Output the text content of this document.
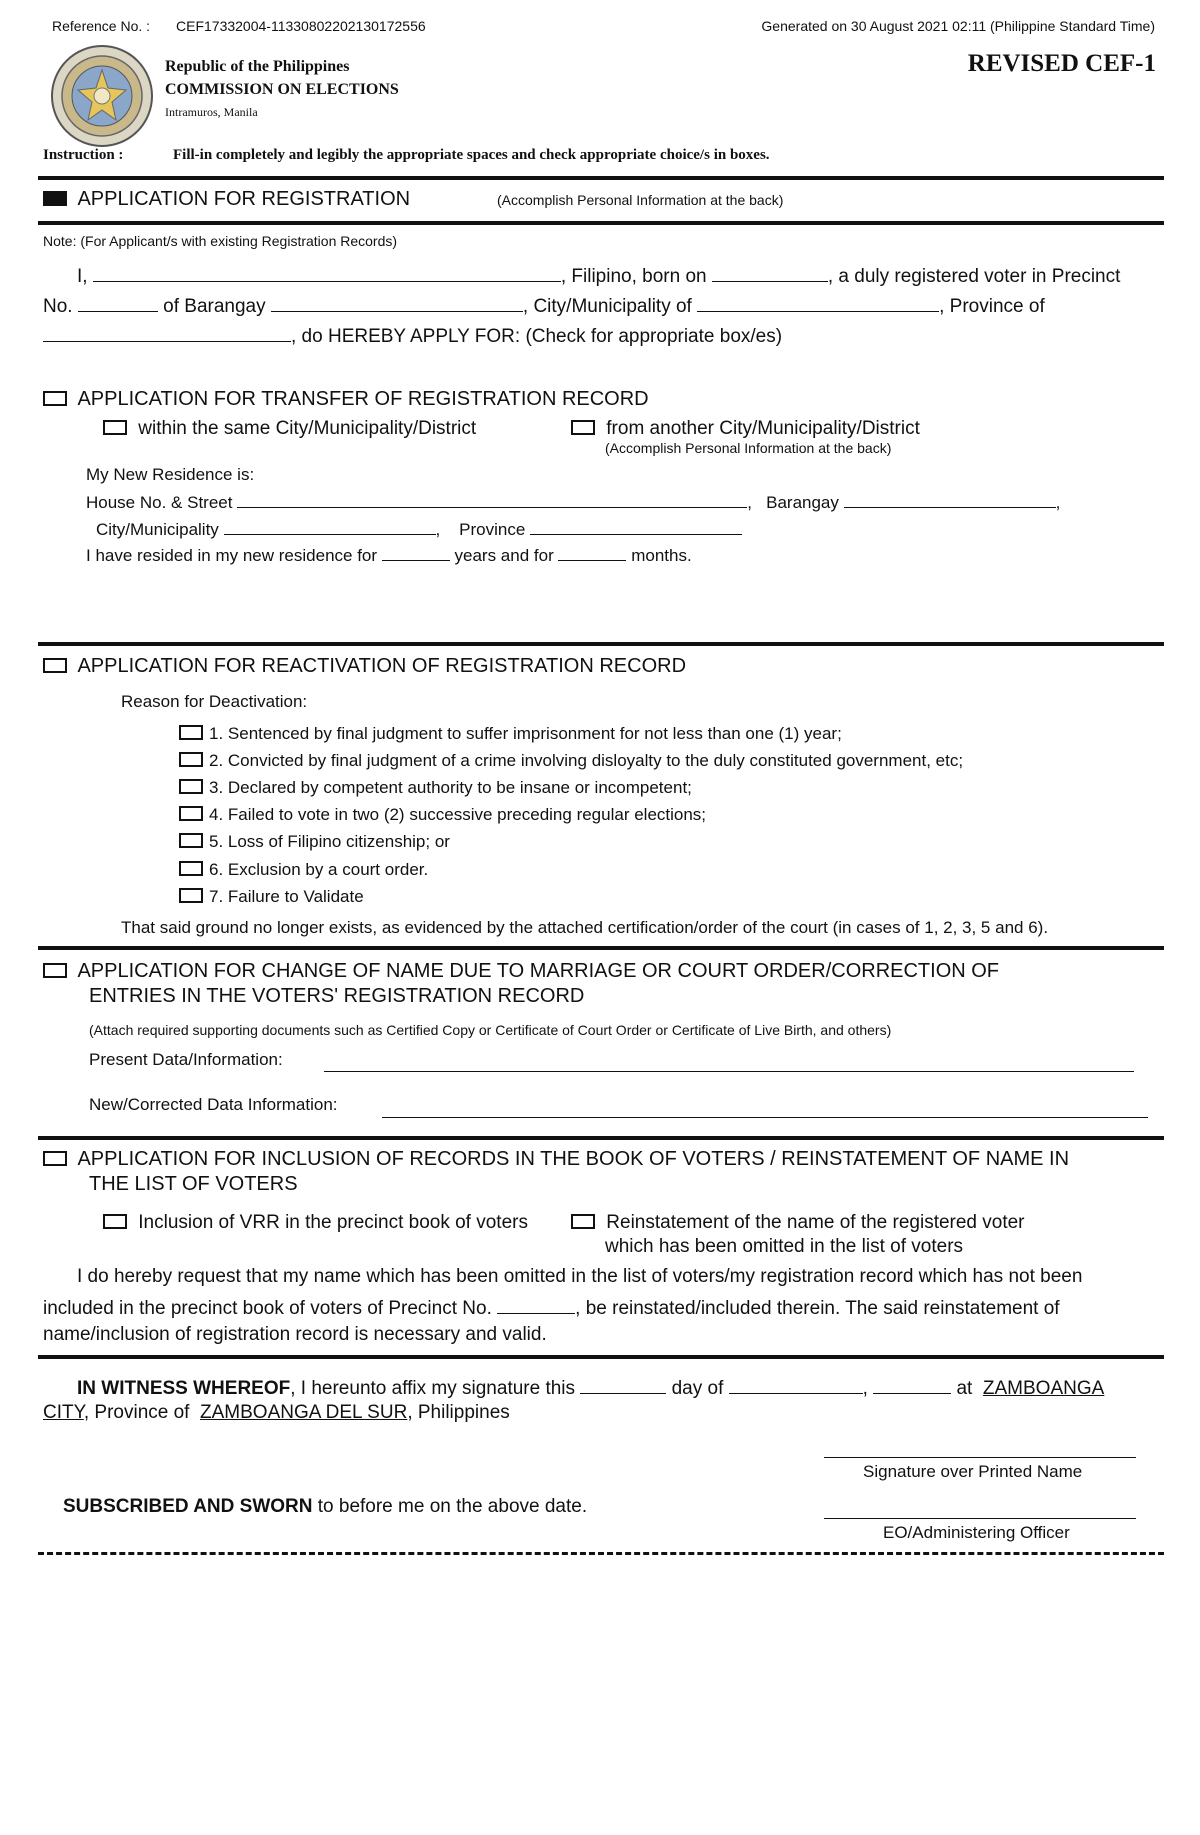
Reference No. : CEF17332004-11330802202130172556	Generated on 30 August 2021 02:11 (Philippine Standard Time)
Republic of the Philippines
COMMISSION ON ELECTIONS
Intramuros, Manila
REVISED CEF-1
Instruction :	Fill-in completely and legibly the appropriate spaces and check appropriate choice/s in boxes.
APPLICATION FOR REGISTRATION	(Accomplish Personal Information at the back)
Note: (For Applicant/s with existing Registration Records)
I,	, Filipino, born on	, a duly registered voter in Precinct
No.	of Barangay	, City/Municipality of	, Province of
, do HEREBY APPLY FOR: (Check for appropriate box/es)
APPLICATION FOR TRANSFER OF REGISTRATION RECORD
within the same City/Municipality/District	from another City/Municipality/District
(Accomplish Personal Information at the back)
My New Residence is:
House No. & Street	,   Barangay	,
City/Municipality	,    Province
I have resided in my new residence for	years and for	months.
APPLICATION FOR REACTIVATION OF REGISTRATION RECORD
Reason for Deactivation:
1. Sentenced by final judgment to suffer imprisonment for not less than one (1) year;
2. Convicted by final judgment of a crime involving disloyalty to the duly constituted government, etc;
3. Declared by competent authority to be insane or incompetent;
4. Failed to vote in two (2) successive preceding regular elections;
5. Loss of Filipino citizenship; or
6. Exclusion by a court order.
7. Failure to Validate
That said ground no longer exists, as evidenced by the attached certification/order of the court (in cases of 1, 2, 3, 5 and 6).
APPLICATION FOR CHANGE OF NAME DUE TO MARRIAGE OR COURT ORDER/CORRECTION OF
ENTRIES IN THE VOTERS' REGISTRATION RECORD
(Attach required supporting documents such as Certified Copy or Certificate of Court Order or Certificate of Live Birth, and others)
Present Data/Information:
New/Corrected Data Information:
APPLICATION FOR INCLUSION OF RECORDS IN THE BOOK OF VOTERS / REINSTATEMENT OF NAME IN
THE LIST OF VOTERS
Inclusion of VRR in the precinct book of voters	Reinstatement of the name of the registered voter
which has been omitted in the list of voters
I do hereby request that my name which has been omitted in the list of voters/my registration record which has not been
included in the precinct book of voters of Precinct No.	, be reinstated/included therein. The said reinstatement of
name/inclusion of registration record is necessary and valid.
IN WITNESS WHEREOF, I hereunto affix my signature this	day of	,	at ZAMBOANGA
CITY, Province of ZAMBOANGA DEL SUR, Philippines
Signature over Printed Name
SUBSCRIBED AND SWORN to before me on the above date.
EO/Administering Officer
